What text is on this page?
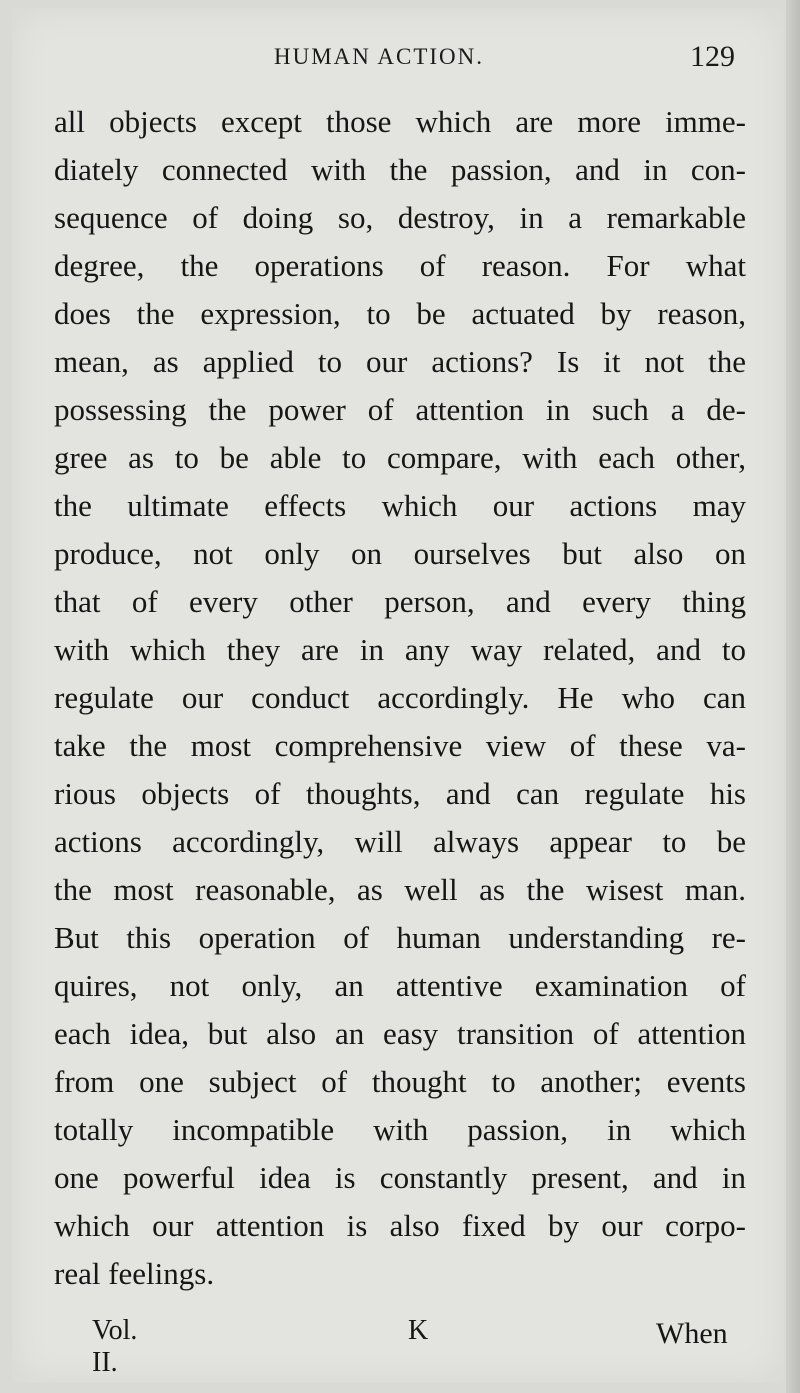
HUMAN ACTION.	129
all objects except those which are more imme-
diately connected with the passion, and in con-
sequence of doing so, destroy, in a remarkable
degree, the operations of reason. For what
does the expression, to be actuated by reason,
mean, as applied to our actions? Is it not the
possessing the power of attention in such a de-
gree as to be able to compare, with each other,
the ultimate effects which our actions may
produce, not only on ourselves but also on
that of every other person, and every thing
with which they are in any way related, and to
regulate our conduct accordingly. He who can
take the most comprehensive view of these va-
rious objects of thoughts, and can regulate his
actions accordingly, will always appear to be
the most reasonable, as well as the wisest man.
But this operation of human understanding re-
quires, not only, an attentive examination of
each idea, but also an easy transition of attention
from one subject of thought to another; events
totally incompatible with passion, in which
one powerful idea is constantly present, and in
which our attention is also fixed by our corpo-
real feelings.
Vol. II.
K	When
